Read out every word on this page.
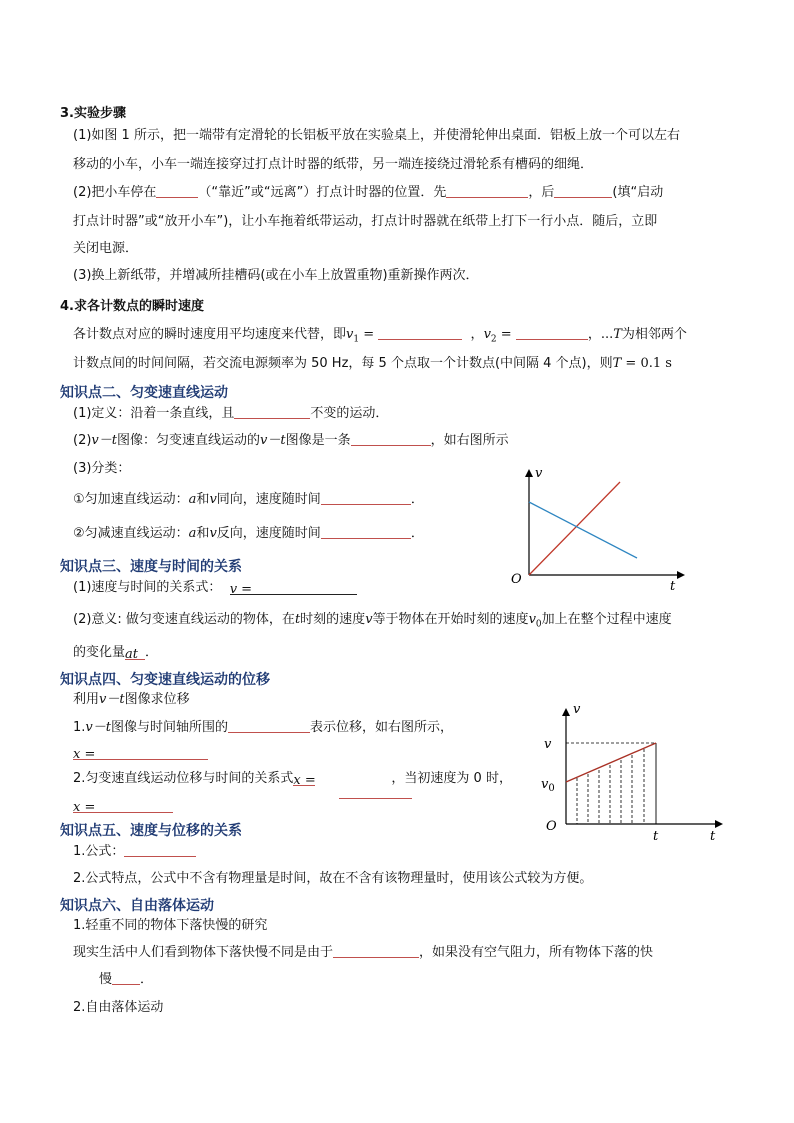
3.实验步骤
(1)如图 1 所示，把一端带有定滑轮的长铝板平放在实验桌上，并使滑轮伸出桌面．铝板上放一个可以左右
移动的小车，小车一端连接穿过打点计时器的纸带，另一端连接绕过滑轮系有槽码的细绳．
(2)把小车停在	（“靠近”或“远离”）打点计时器的位置．先	，后	(填“启动
打点计时器”或“放开小车”)，让小车拖着纸带运动，打点计时器就在纸带上打下一行小点．随后，立即
关闭电源．
(3)换上新纸带，并增减所挂槽码(或在小车上放置重物)重新操作两次．
4.求各计数点的瞬时速度
各计数点对应的瞬时速度用平均速度来代替，即$v_1$ =	，$v_2$ =	，...T为相邻两个
计数点间的时间间隔，若交流电源频率为 50 Hz，每 5 个点取一个计数点(中间隔 4 个点)，则T = 0.1 s
知识点二、匀变速直线运动
(1)定义：沿着一条直线，且	不变的运动．
(2)v－t图像：匀变速直线运动的v－t图像是一条	，如右图所示
(3)分类：
①匀加速直线运动：a和v同向，速度随时间	．
②匀减速直线运动：a和v反向，速度随时间	．
v
t
O
知识点三、速度与时间的关系
(1)速度与时间的关系式： v =
(2)意义: 做匀变速直线运动的物体，在t时刻的速度v等于物体在开始时刻的速度$v_0$加上在整个过程中速度
的变化量at ．
知识点四、匀变速直线运动的位移
利用v－t图像求位移
1.v－t图像与时间轴所围的	表示位移，如右图所示，
x =
2.匀变速直线运动位移与时间的关系式x =	，当初速度为 0 时，
x =
v
t
O
v
$v_0$
t
知识点五、速度与位移的关系
1.公式：
2.公式特点，公式中不含有物理量是时间，故在不含有该物理量时，使用该公式较为方便。
知识点六、自由落体运动
1.轻重不同的物体下落快慢的研究
现实生活中人们看到物体下落快慢不同是由于	，如果没有空气阻力，所有物体下落的快
慢 ．
2.自由落体运动
